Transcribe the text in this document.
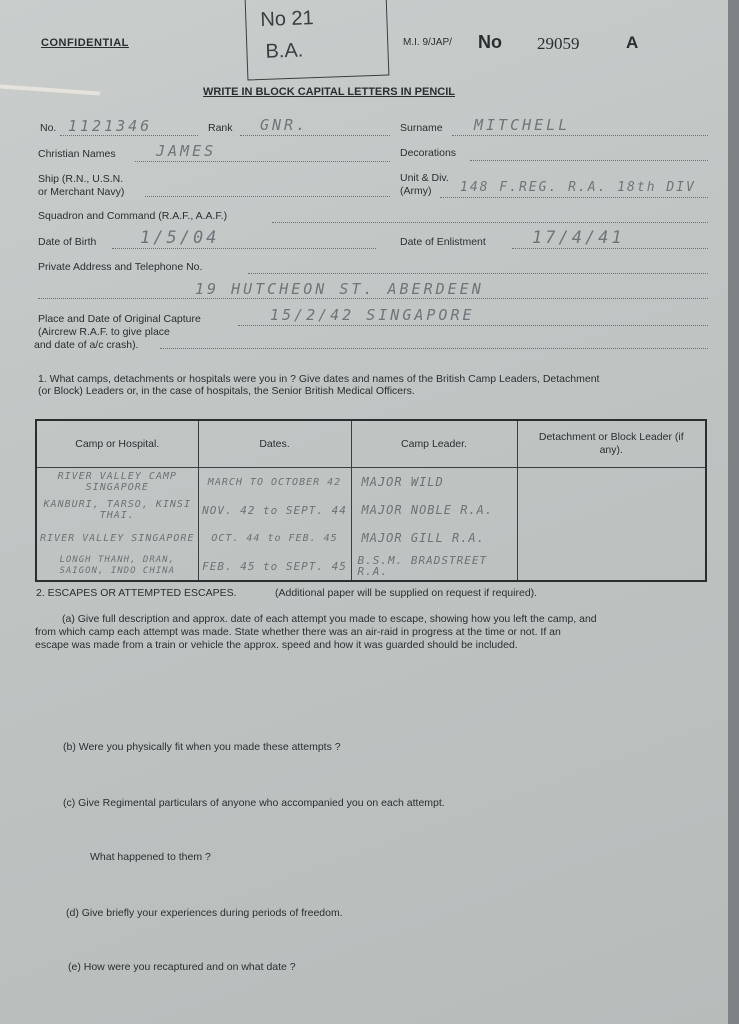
CONFIDENTIAL
No 21
B.A.	M.I. 9/JAP/ No 29059	A
WRITE IN BLOCK CAPITAL LETTERS IN PENCIL
No. 1121346	Rank GNR.	Surname MITCHELL
Christian Names	JAMES	Decorations
Ship (R.N., U.S.N.
or Merchant Navy)
Unit & Div.
(Army) 148 F.REG. R.A. 18th DIV
Squadron and Command (R.A.F., A.A.F.)
Date of Birth	1/5/04	Date of Enlistment	17/4/41
Private Address and Telephone No.
19 HUTCHEON ST. ABERDEEN
Place and Date of Original Capture
(Aircrew R.A.F. to give place
and date of a/c crash).
15/2/42 SINGAPORE
1. What camps, detachments or hospitals were you in ? Give dates and names of the British Camp Leaders, Detachment
(or Block) Leaders or, in the case of hospitals, the Senior British Medical Officers.
Camp or Hospital.	Dates.	Camp Leader.	Detachment or Block Leader (if any).
RIVER VALLEY CAMP SINGAPORE	MARCH TO OCTOBER 42	MAJOR WILD	
KANBURI, TARSO, KINSI THAI.	NOV. 42 to SEPT. 44	MAJOR NOBLE R.A.	
RIVER VALLEY SINGAPORE	OCT. 44 to FEB. 45	MAJOR GILL R.A.	
LONGH THANH, DRAN, SAIGON, INDO CHINA	FEB. 45 to SEPT. 45	B.S.M. BRADSTREET R.A.	
2. ESCAPES OR ATTEMPTED ESCAPES.	(Additional paper will be supplied on request if required).
(a) Give full description and approx. date of each attempt you made to escape, showing how you left the camp, and
from which camp each attempt was made. State whether there was an air-raid in progress at the time or not. If an
escape was made from a train or vehicle the approx. speed and how it was guarded should be included.
(b) Were you physically fit when you made these attempts ?
(c) Give Regimental particulars of anyone who accompanied you on each attempt.
What happened to them ?
(d) Give briefly your experiences during periods of freedom.
(e) How were you recaptured and on what date ?
